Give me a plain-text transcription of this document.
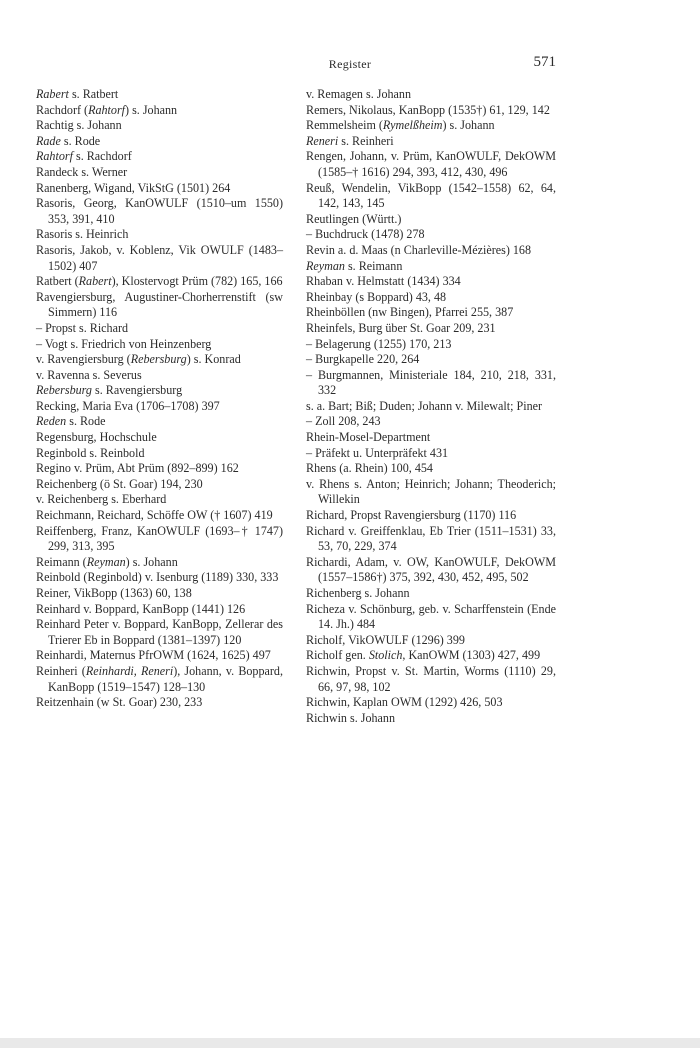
Register	571
Rabert s. Ratbert
Rachdorf (Rahtorf) s. Johann
Rachtig s. Johann
Rade s. Rode
Rahtorf s. Rachdorf
Randeck s. Werner
Ranenberg, Wigand, VikStG (1501) 264
Rasoris, Georg, KanOWULF (1510–um 1550) 353, 391, 410
Rasoris s. Heinrich
Rasoris, Jakob, v. Koblenz, Vik OWULF (1483–1502) 407
Ratbert (Rabert), Klostervogt Prüm (782) 165, 166
Ravengiersburg, Augustiner-Chorherrenstift (sw Simmern) 116
– Propst s. Richard
– Vogt s. Friedrich von Heinzenberg
v. Ravengiersburg (Rebersburg) s. Konrad
v. Ravenna s. Severus
Rebersburg s. Ravengiersburg
Recking, Maria Eva (1706–1708) 397
Reden s. Rode
Regensburg, Hochschule
Reginbold s. Reinbold
Regino v. Prüm, Abt Prüm (892–899) 162
Reichenberg (ö St. Goar) 194, 230
v. Reichenberg s. Eberhard
Reichmann, Reichard, Schöffe OW († 1607) 419
Reiffenberg, Franz, KanOWULF (1693–† 1747) 299, 313, 395
Reimann (Reyman) s. Johann
Reinbold (Reginbold) v. Isenburg (1189) 330, 333
Reiner, VikBopp (1363) 60, 138
Reinhard v. Boppard, KanBopp (1441) 126
Reinhard Peter v. Boppard, KanBopp, Zellerar des Trierer Eb in Boppard (1381–1397) 120
Reinhardi, Maternus PfrOWM (1624, 1625) 497
Reinheri (Reinhardi, Reneri), Johann, v. Boppard, KanBopp (1519–1547) 128–130
Reitzenhain (w St. Goar) 230, 233
v. Remagen s. Johann
Remers, Nikolaus, KanBopp (1535†) 61, 129, 142
Remmelsheim (Rymelßheim) s. Johann
Reneri s. Reinheri
Rengen, Johann, v. Prüm, KanOWULF, DekOWM (1585–† 1616) 294, 393, 412, 430, 496
Reuß, Wendelin, VikBopp (1542–1558) 62, 64, 142, 143, 145
Reutlingen (Württ.)
– Buchdruck (1478) 278
Revin a. d. Maas (n Charleville-Mézières) 168
Reyman s. Reimann
Rhaban v. Helmstatt (1434) 334
Rheinbay (s Boppard) 43, 48
Rheinböllen (nw Bingen), Pfarrei 255, 387
Rheinfels, Burg über St. Goar 209, 231
– Belagerung (1255) 170, 213
– Burgkapelle 220, 264
– Burgmannen, Ministeriale 184, 210, 218, 331, 332
s. a. Bart; Biß; Duden; Johann v. Milewalt; Piner
– Zoll 208, 243
Rhein-Mosel-Department
– Präfekt u. Unterpräfekt 431
Rhens (a. Rhein) 100, 454
v. Rhens s. Anton; Heinrich; Johann; Theoderich; Willekin
Richard, Propst Ravengiersburg (1170) 116
Richard v. Greiffenklau, Eb Trier (1511–1531) 33, 53, 70, 229, 374
Richardi, Adam, v. OW, KanOWULF, DekOWM (1557–1586†) 375, 392, 430, 452, 495, 502
Richenberg s. Johann
Richeza v. Schönburg, geb. v. Scharffenstein (Ende 14. Jh.) 484
Richolf, VikOWULF (1296) 399
Richolf gen. Stolich, KanOWM (1303) 427, 499
Richwin, Propst v. St. Martin, Worms (1110) 29, 66, 97, 98, 102
Richwin, Kaplan OWM (1292) 426, 503
Richwin s. Johann
